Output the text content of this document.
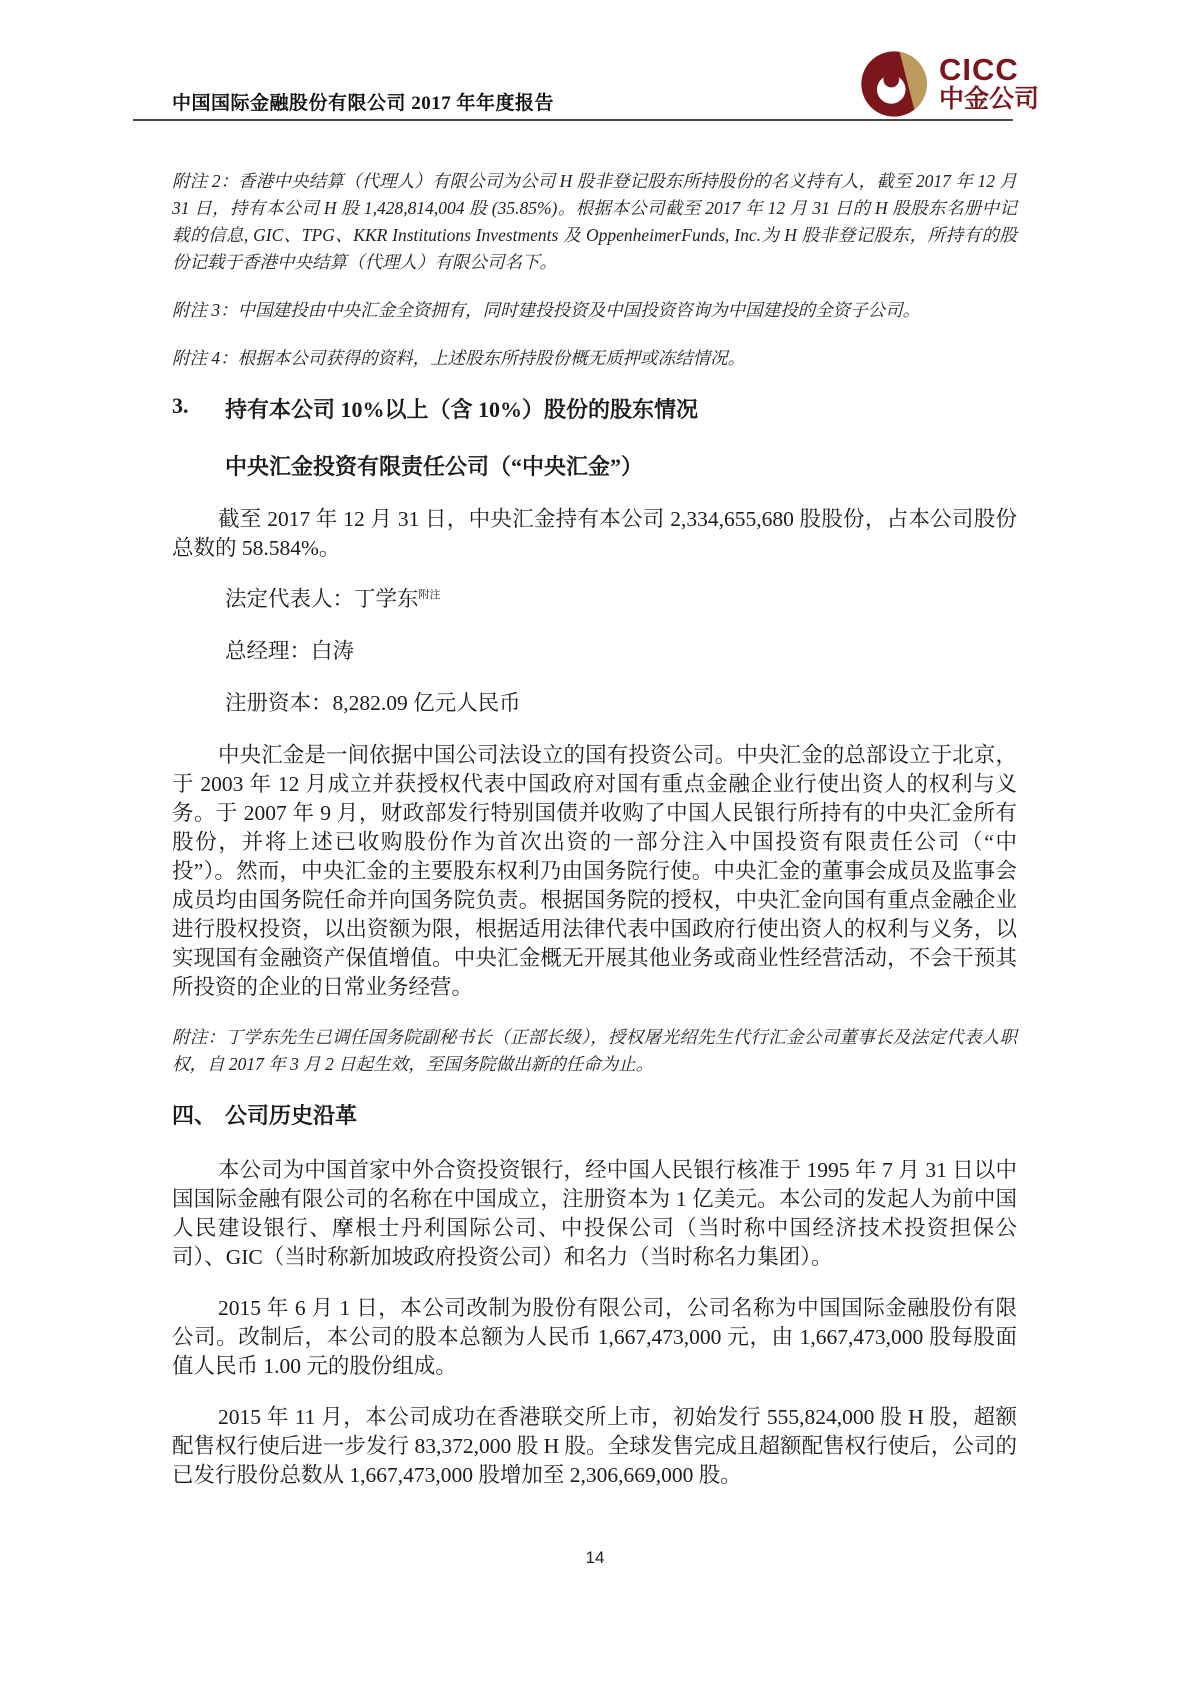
中国国际金融股份有限公司 2017 年年度报告
CICC
中金公司

附注 2：香港中央结算（代理人）有限公司为公司 H 股非登记股东所持股份的名义持有人，截至 2017 年 12 月 31 日，持有本公司 H 股 1,428,814,004 股 (35.85%)。根据本公司截至 2017 年 12 月 31 日的 H 股股东名册中记载的信息, GIC、TPG、KKR Institutions Investments 及 OppenheimerFunds, Inc.为 H 股非登记股东，所持有的股份记载于香港中央结算（代理人）有限公司名下。

附注 3：中国建投由中央汇金全资拥有，同时建投投资及中国投资咨询为中国建投的全资子公司。

附注 4：根据本公司获得的资料，上述股东所持股份概无质押或冻结情况。

3.	持有本公司 10%以上（含 10%）股份的股东情况
中央汇金投资有限责任公司（“中央汇金”）

截至 2017 年 12 月 31 日，中央汇金持有本公司 2,334,655,680 股股份，占本公司股份总数的 58.584%。

法定代表人：丁学东$^{附注}$

总经理：白涛

注册资本：8,282.09 亿元人民币

中央汇金是一间依据中国公司法设立的国有投资公司。中央汇金的总部设立于北京，于 2003 年 12 月成立并获授权代表中国政府对国有重点金融企业行使出资人的权利与义务。于 2007 年 9 月，财政部发行特别国债并收购了中国人民银行所持有的中央汇金所有股份，并将上述已收购股份作为首次出资的一部分注入中国投资有限责任公司（“中投”）。然而，中央汇金的主要股东权利乃由国务院行使。中央汇金的董事会成员及监事会成员均由国务院任命并向国务院负责。根据国务院的授权，中央汇金向国有重点金融企业进行股权投资，以出资额为限，根据适用法律代表中国政府行使出资人的权利与义务，以实现国有金融资产保值增值。中央汇金概无开展其他业务或商业性经营活动，不会干预其所投资的企业的日常业务经营。

附注：丁学东先生已调任国务院副秘书长（正部长级），授权屠光绍先生代行汇金公司董事长及法定代表人职权，自 2017 年 3 月 2 日起生效，至国务院做出新的任命为止。

四、 公司历史沿革

本公司为中国首家中外合资投资银行，经中国人民银行核准于 1995 年 7 月 31 日以中国国际金融有限公司的名称在中国成立，注册资本为 1 亿美元。本公司的发起人为前中国人民建设银行、摩根士丹利国际公司、中投保公司（当时称中国经济技术投资担保公司）、GIC（当时称新加坡政府投资公司）和名力（当时称名力集团）。

2015 年 6 月 1 日，本公司改制为股份有限公司，公司名称为中国国际金融股份有限公司。改制后，本公司的股本总额为人民币 1,667,473,000 元，由 1,667,473,000 股每股面值人民币 1.00 元的股份组成。

2015 年 11 月，本公司成功在香港联交所上市，初始发行 555,824,000 股 H 股，超额配售权行使后进一步发行 83,372,000 股 H 股。全球发售完成且超额配售权行使后，公司的已发行股份总数从 1,667,473,000 股增加至 2,306,669,000 股。

14
